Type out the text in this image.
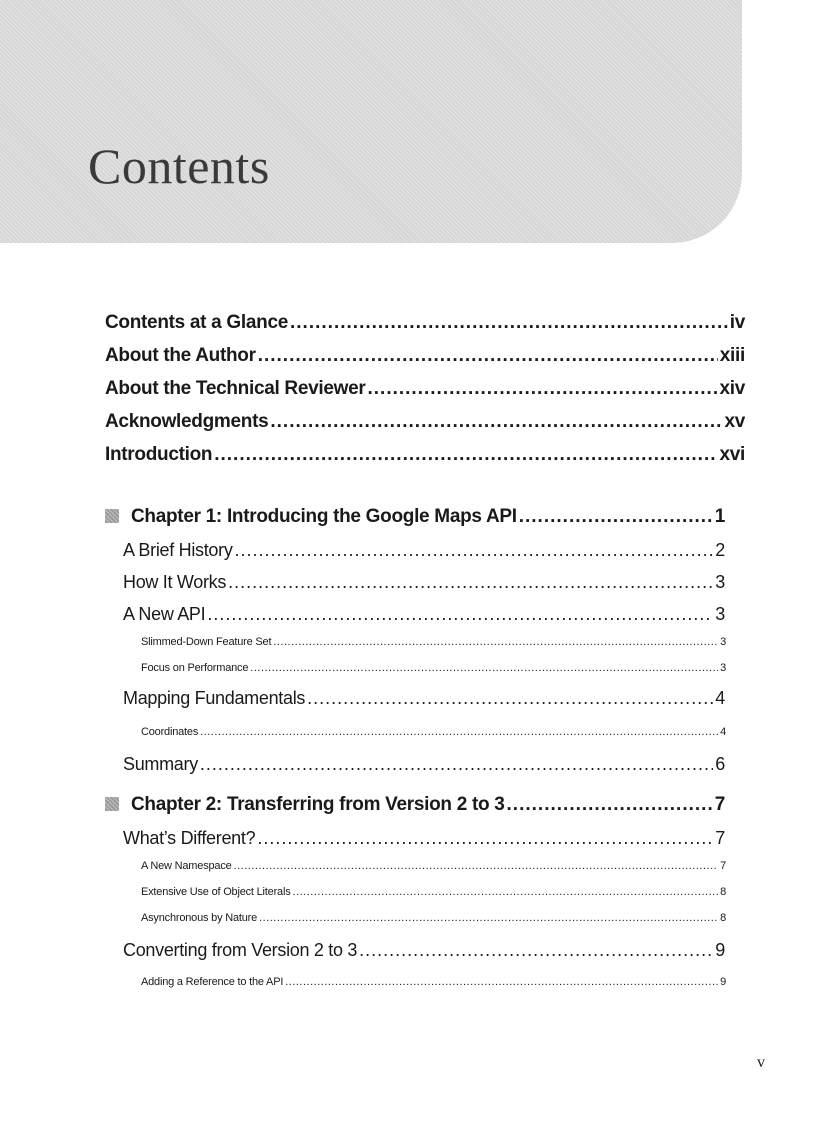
Contents
Contents at a Glance .....	iv
About the Author .....	xiii
About the Technical Reviewer .....	xiv
Acknowledgments .....	xv
Introduction .....	xvi
Chapter 1: Introducing the Google Maps API .....	1
A Brief History .....	2
How It Works .....	3
A New API .....	3
Slimmed-Down Feature Set .....	3
Focus on Performance .....	3
Mapping Fundamentals .....	4
Coordinates .....	4
Summary .....	6
Chapter 2: Transferring from Version 2 to 3 .....	7
What’s Different? .....	7
A New Namespace .....	7
Extensive Use of Object Literals .....	8
Asynchronous by Nature .....	8
Converting from Version 2 to 3 .....	9
Adding a Reference to the API .....	9
v
